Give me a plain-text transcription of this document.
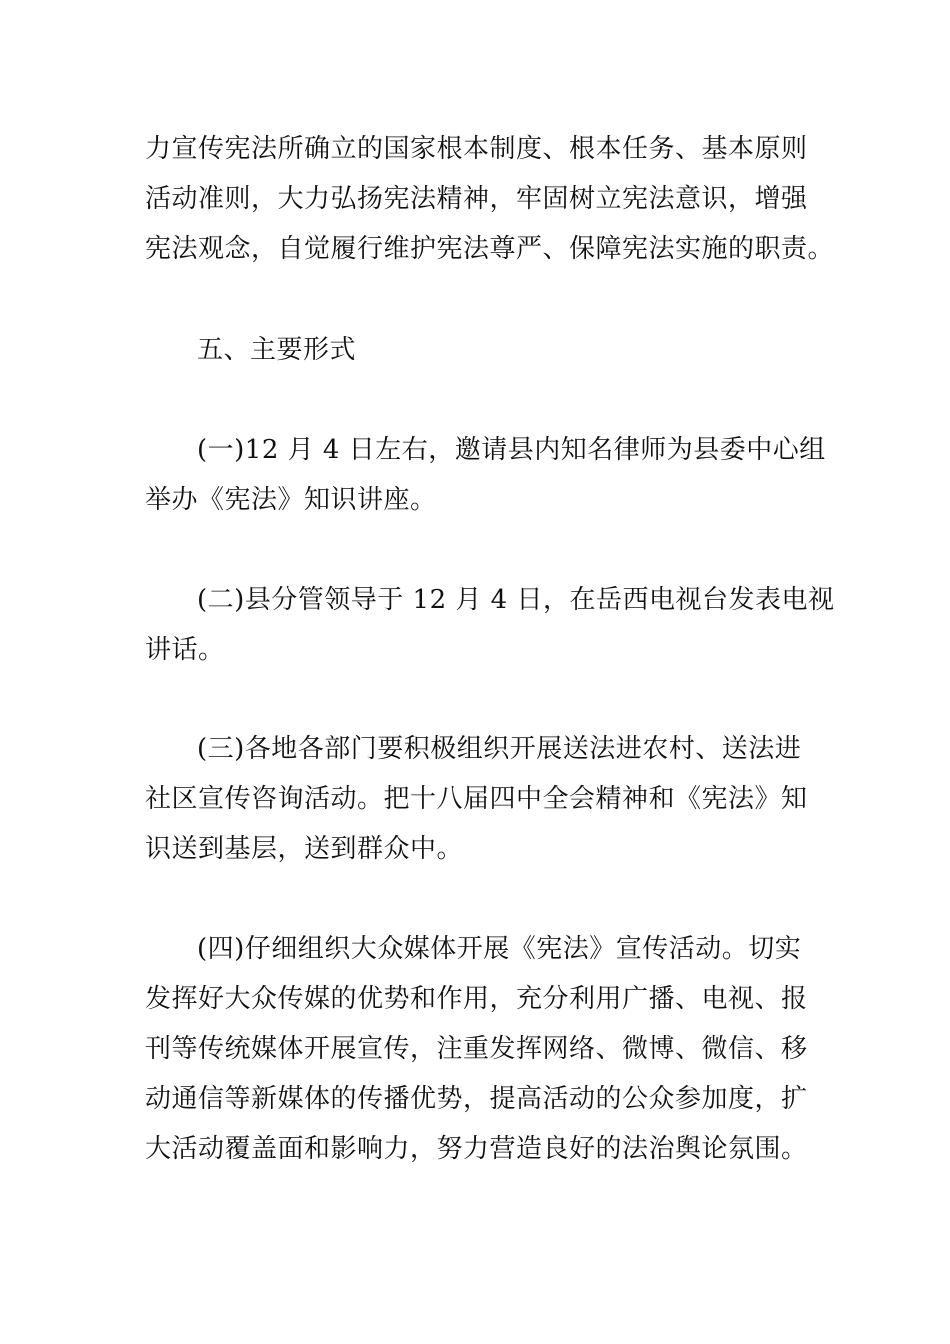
力宣传宪法所确立的国家根本制度、根本任务、基本原则
活动准则，大力弘扬宪法精神，牢固树立宪法意识，增强
宪法观念，自觉履行维护宪法尊严、保障宪法实施的职责。
五、主要形式
(一)12 月 4 日左右，邀请县内知名律师为县委中心组
举办《宪法》知识讲座。
(二)县分管领导于 12 月 4 日，在岳西电视台发表电视
讲话。
(三)各地各部门要积极组织开展送法进农村、送法进
社区宣传咨询活动。把十八届四中全会精神和《宪法》知
识送到基层，送到群众中。
(四)仔细组织大众媒体开展《宪法》宣传活动。切实
发挥好大众传媒的优势和作用，充分利用广播、电视、报
刊等传统媒体开展宣传，注重发挥网络、微博、微信、移
动通信等新媒体的传播优势，提高活动的公众参加度，扩
大活动覆盖面和影响力，努力营造良好的法治舆论氛围。
